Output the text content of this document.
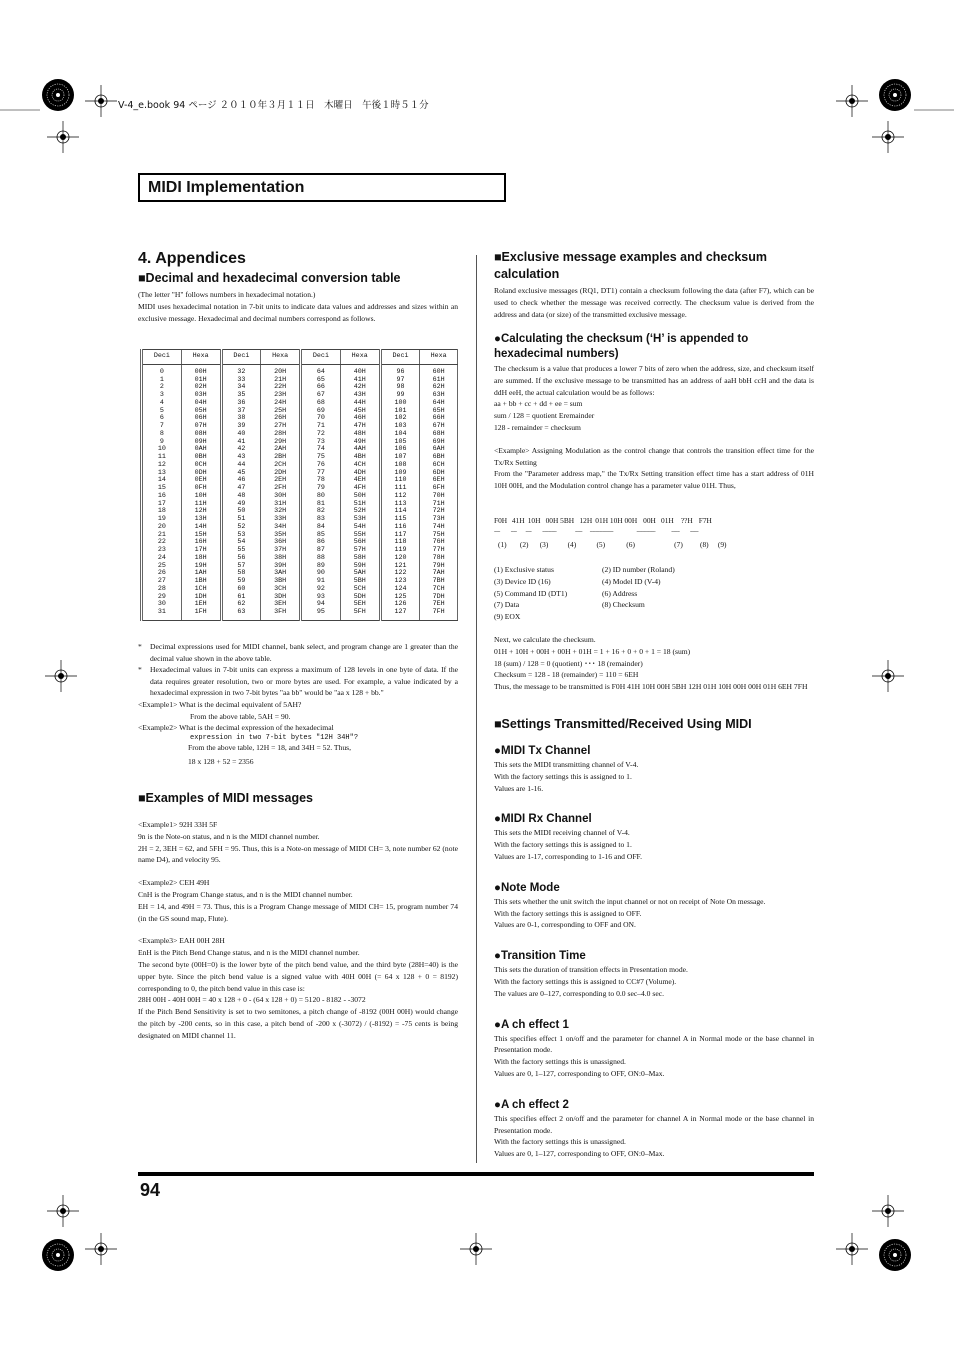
V-4_e.book 94 ページ ２０１０年３月１１日　木曜日　午後１時５１分
MIDI Implementation
4. Appendices
■Decimal and hexadecimal conversion table
(The letter "H" follows numbers in hexadecimal notation.)
MIDI uses hexadecimal notation in 7-bit units to indicate data values and addresses and sizes within an exclusive message. Hexadecimal and decimal numbers correspond as follows.
Deci	Hexa	Deci	Hexa	Deci	Hexa	Deci	Hexa
0	00H	32	20H	64	40H	96	60H
1	01H	33	21H	65	41H	97	61H
2	02H	34	22H	66	42H	98	62H
3	03H	35	23H	67	43H	99	63H
4	04H	36	24H	68	44H	100	64H
5	05H	37	25H	69	45H	101	65H
6	06H	38	26H	70	46H	102	66H
7	07H	39	27H	71	47H	103	67H
8	08H	40	28H	72	48H	104	68H
9	09H	41	29H	73	49H	105	69H
10	0AH	42	2AH	74	4AH	106	6AH
11	0BH	43	2BH	75	4BH	107	6BH
12	0CH	44	2CH	76	4CH	108	6CH
13	0DH	45	2DH	77	4DH	109	6DH
14	0EH	46	2EH	78	4EH	110	6EH
15	0FH	47	2FH	79	4FH	111	6FH
16	10H	48	30H	80	50H	112	70H
17	11H	49	31H	81	51H	113	71H
18	12H	50	32H	82	52H	114	72H
19	13H	51	33H	83	53H	115	73H
20	14H	52	34H	84	54H	116	74H
21	15H	53	35H	85	55H	117	75H
22	16H	54	36H	86	56H	118	76H
23	17H	55	37H	87	57H	119	77H
24	18H	56	38H	88	58H	120	78H
25	19H	57	39H	89	59H	121	79H
26	1AH	58	3AH	90	5AH	122	7AH
27	1BH	59	3BH	91	5BH	123	7BH
28	1CH	60	3CH	92	5CH	124	7CH
29	1DH	61	3DH	93	5DH	125	7DH
30	1EH	62	3EH	94	5EH	126	7EH
31	1FH	63	3FH	95	5FH	127	7FH
* Decimal expressions used for MIDI channel, bank select, and program change are 1 greater than the decimal value shown in the above table.
* Hexadecimal values in 7-bit units can express a maximum of 128 levels in one byte of data. If the data requires greater resolution, two or more bytes are used. For example, a value indicated by a hexadecimal expression in two 7-bit bytes "aa bb" would be "aa x 128 + bb."
<Example1> What is the decimal equivalent of 5AH?
From the above table, 5AH = 90.
<Example2> What is the decimal expression of the hexadecimal
expression in two 7-bit bytes "12H 34H"?
From the above table, 12H = 18, and 34H = 52. Thus,
18 x 128 + 52 = 2356
■Examples of MIDI messages
<Example1> 92H 33H 5F
9n is the Note-on status, and n is the MIDI channel number.
2H = 2, 3EH = 62, and 5FH = 95. Thus, this is a Note-on message of MIDI CH= 3, note number 62 (note name D4), and velocity 95.
<Example2> CEH 49H
CnH is the Program Change status, and n is the MIDI channel number.
EH = 14, and 49H = 73. Thus, this is a Program Change message of MIDI CH= 15, program number 74 (in the GS sound map, Flute).
<Example3> EAH 00H 28H
EnH is the Pitch Bend Change status, and n is the MIDI channel number.
The second byte (00H=0) is the lower byte of the pitch bend value, and the third byte (28H=40) is the upper byte. Since the pitch bend value is a signed value with 40H 00H (= 64 x 128 + 0 = 8192) corresponding to 0, the pitch bend value in this case is:
28H 00H - 40H 00H = 40 x 128 + 0 - (64 x 128 + 0) = 5120 - 8182 - -3072
If the Pitch Bend Sensitivity is set to two semitones, a pitch change of -8192 (00H 00H) would change the pitch by -200 cents, so in this case, a pitch bend of -200 x (-3072) / (-8192) = -75 cents is being designated on MIDI channel 11.
■Exclusive message examples and checksum calculation
Roland exclusive messages (RQ1, DT1) contain a checksum following the data (after F7), which can be used to check whether the message was received correctly. The checksum value is derived from the address and data (or size) of the transmitted exclusive message.
●Calculating the checksum (‘H’ is appended to hexadecimal numbers)
The checksum is a value that produces a lower 7 bits of zero when the address, size, and checksum itself are summed. If the exclusive message to be transmitted has an address of aaH bbH ccH and the data is ddH eeH, the actual calculation would be as follows:
aa + bb + cc + dd + ee = sum
sum / 128 = quotient Eremainder
128 - remainder = checksum
<Example> Assigning Modulation as the control change that controls the transition effect time for the Tx/Rx Setting
From the "Parameter address map," the Tx/Rx Setting transition effect time has a start address of 01H 10H 00H, and the Modulation control change has a parameter value 01H. Thus,
F0H 41H 10H 00H 5BH 12H 01H 10H 00H 00H 01H ??H F7H
----- ----- ----- ------------	------ --------------------	----------------	------- -------
(1) (2) (3)	(4)	(5)	(6)	(7) (8) (9)
(1) Exclusive status	(2) ID number (Roland)
(3) Device ID (16)	(4) Model ID (V-4)
(5) Command ID (DT1)	(6) Address
(7) Data	(8) Checksum
(9) EOX
Next, we calculate the checksum.
01H + 10H + 00H + 00H + 01H = 1 + 16 + 0 + 0 + 1 = 18 (sum)
18 (sum) / 128 = 0 (quotient) ･･･ 18 (remainder)
Checksum = 128 - 18 (remainder) = 110 = 6EH
Thus, the message to be transmitted is F0H 41H 10H 00H 5BH 12H 01H 10H 00H 00H 01H 6EH 7FH
■Settings Transmitted/Received Using MIDI
●MIDI Tx Channel
This sets the MIDI transmitting channel of V-4.
With the factory settings this is assigned to 1.
Values are 1-16.
●MIDI Rx Channel
This sets the MIDI receiving channel of V-4.
With the factory settings this is assigned to 1.
Values are 1-17, corresponding to 1-16 and OFF.
●Note Mode
This sets whether the unit switch the input channel or not on receipt of Note On message.
With the factory settings this is assigned to OFF.
Values are 0-1, corresponding to OFF and ON.
●Transition Time
This sets the duration of transition effects in Presentation mode.
With the factory settings this is assigned to CC#7 (Volume).
The values are 0–127, corresponding to 0.0 sec–4.0 sec.
●A ch effect 1
This specifies effect 1 on/off and the parameter for channel A in Normal mode or the base channel in Presentation mode.
With the factory settings this is unassigned.
Values are 0, 1–127, corresponding to OFF, ON:0–Max.
●A ch effect 2
This specifies effect 2 on/off and the parameter for channel A in Normal mode or the base channel in Presentation mode.
With the factory settings this is unassigned.
Values are 0, 1–127, corresponding to OFF, ON:0–Max.
94
